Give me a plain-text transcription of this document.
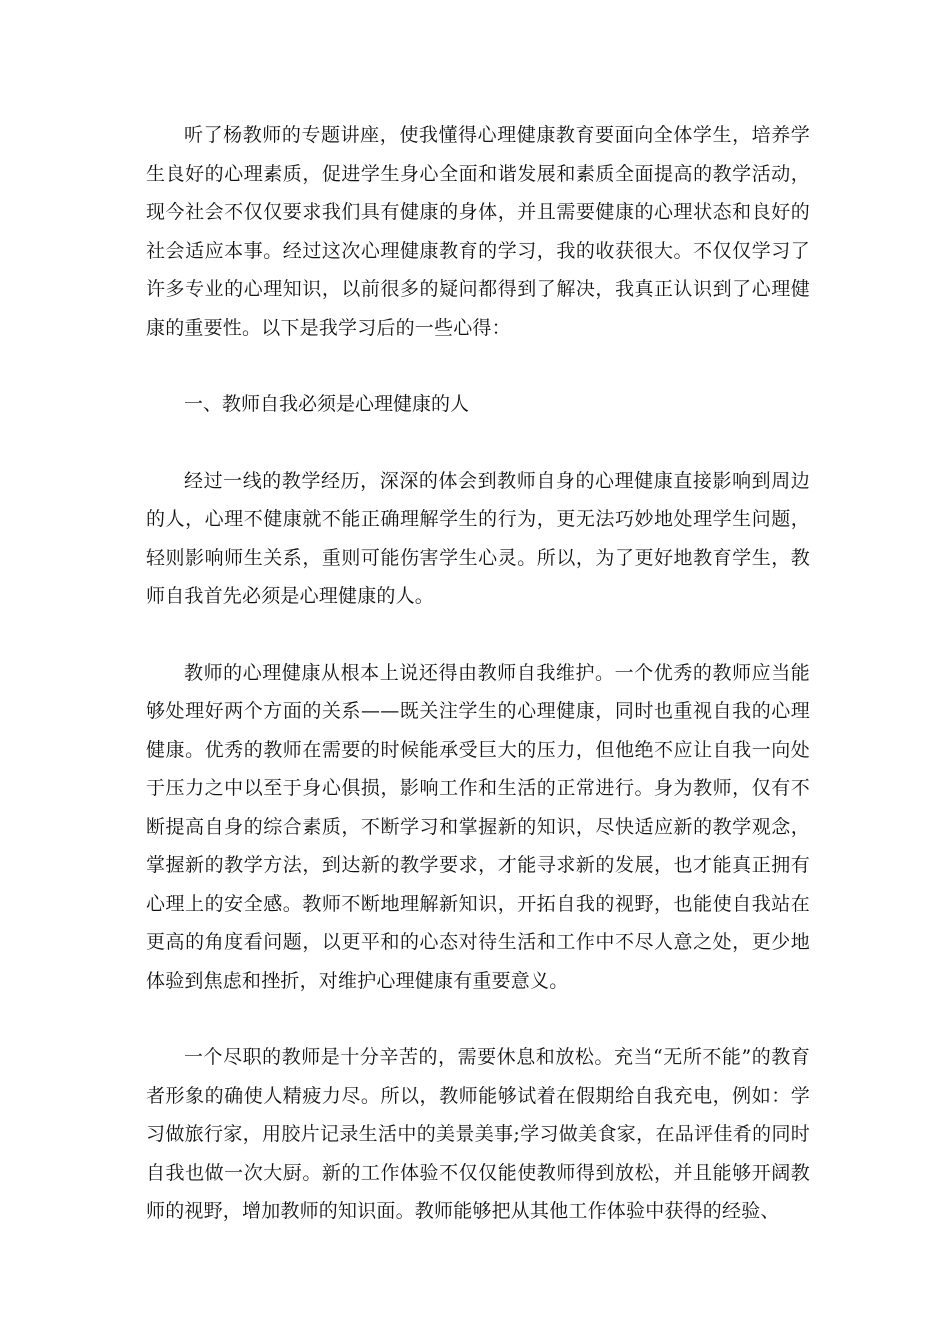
听了杨教师的专题讲座，使我懂得心理健康教育要面向全体学生，培养学生良好的心理素质，促进学生身心全面和谐发展和素质全面提高的教学活动，现今社会不仅仅要求我们具有健康的身体，并且需要健康的心理状态和良好的社会适应本事。经过这次心理健康教育的学习，我的收获很大。不仅仅学习了许多专业的心理知识，以前很多的疑问都得到了解决，我真正认识到了心理健康的重要性。以下是我学习后的一些心得：

一、教师自我必须是心理健康的人

经过一线的教学经历，深深的体会到教师自身的心理健康直接影响到周边的人，心理不健康就不能正确理解学生的行为，更无法巧妙地处理学生问题，轻则影响师生关系，重则可能伤害学生心灵。所以，为了更好地教育学生，教师自我首先必须是心理健康的人。

教师的心理健康从根本上说还得由教师自我维护。一个优秀的教师应当能够处理好两个方面的关系——既关注学生的心理健康，同时也重视自我的心理健康。优秀的教师在需要的时候能承受巨大的压力，但他绝不应让自我一向处于压力之中以至于身心俱损，影响工作和生活的正常进行。身为教师，仅有不断提高自身的综合素质，不断学习和掌握新的知识，尽快适应新的教学观念，掌握新的教学方法，到达新的教学要求，才能寻求新的发展，也才能真正拥有心理上的安全感。教师不断地理解新知识，开拓自我的视野，也能使自我站在更高的角度看问题，以更平和的心态对待生活和工作中不尽人意之处，更少地体验到焦虑和挫折，对维护心理健康有重要意义。

一个尽职的教师是十分辛苦的，需要休息和放松。充当“无所不能”的教育者形象的确使人精疲力尽。所以，教师能够试着在假期给自我充电，例如：学习做旅行家，用胶片记录生活中的美景美事;学习做美食家，在品评佳肴的同时自我也做一次大厨。新的工作体验不仅仅能使教师得到放松，并且能够开阔教师的视野，增加教师的知识面。教师能够把从其他工作体验中获得的经验、
